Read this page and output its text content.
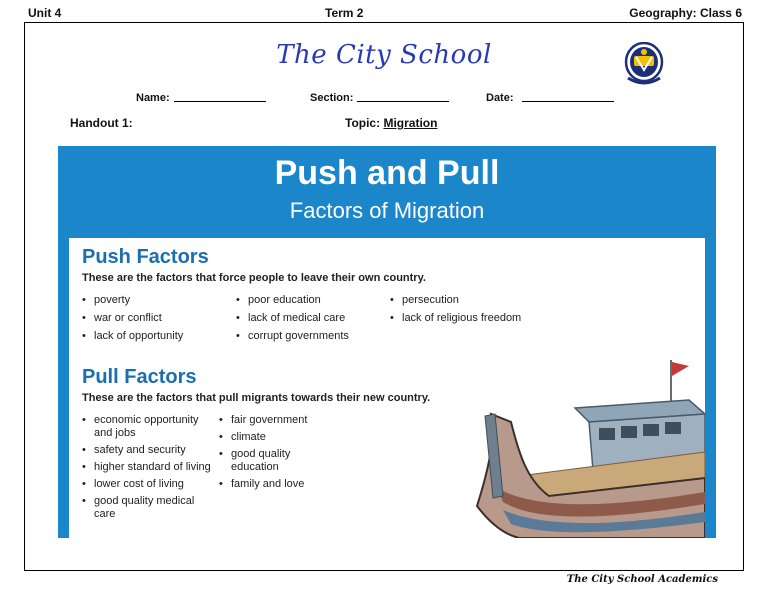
Unit 4	Term 2	Geography: Class 6
The City School
Name:	Section:	Date:
Handout 1:	Topic: Migration
Push and Pull
Factors of Migration
Push Factors
These are the factors that force people to leave their own country.
• poverty
• war or conflict
• lack of opportunity
• poor education
• lack of medical care
• corrupt governments
• persecution
• lack of religious freedom
Pull Factors
These are the factors that pull migrants towards their new country.
• economic opportunity and jobs
• safety and security
• higher standard of living
• lower cost of living
• good quality medical care
• fair government
• climate
• good quality education
• family and love
The City School Academics
